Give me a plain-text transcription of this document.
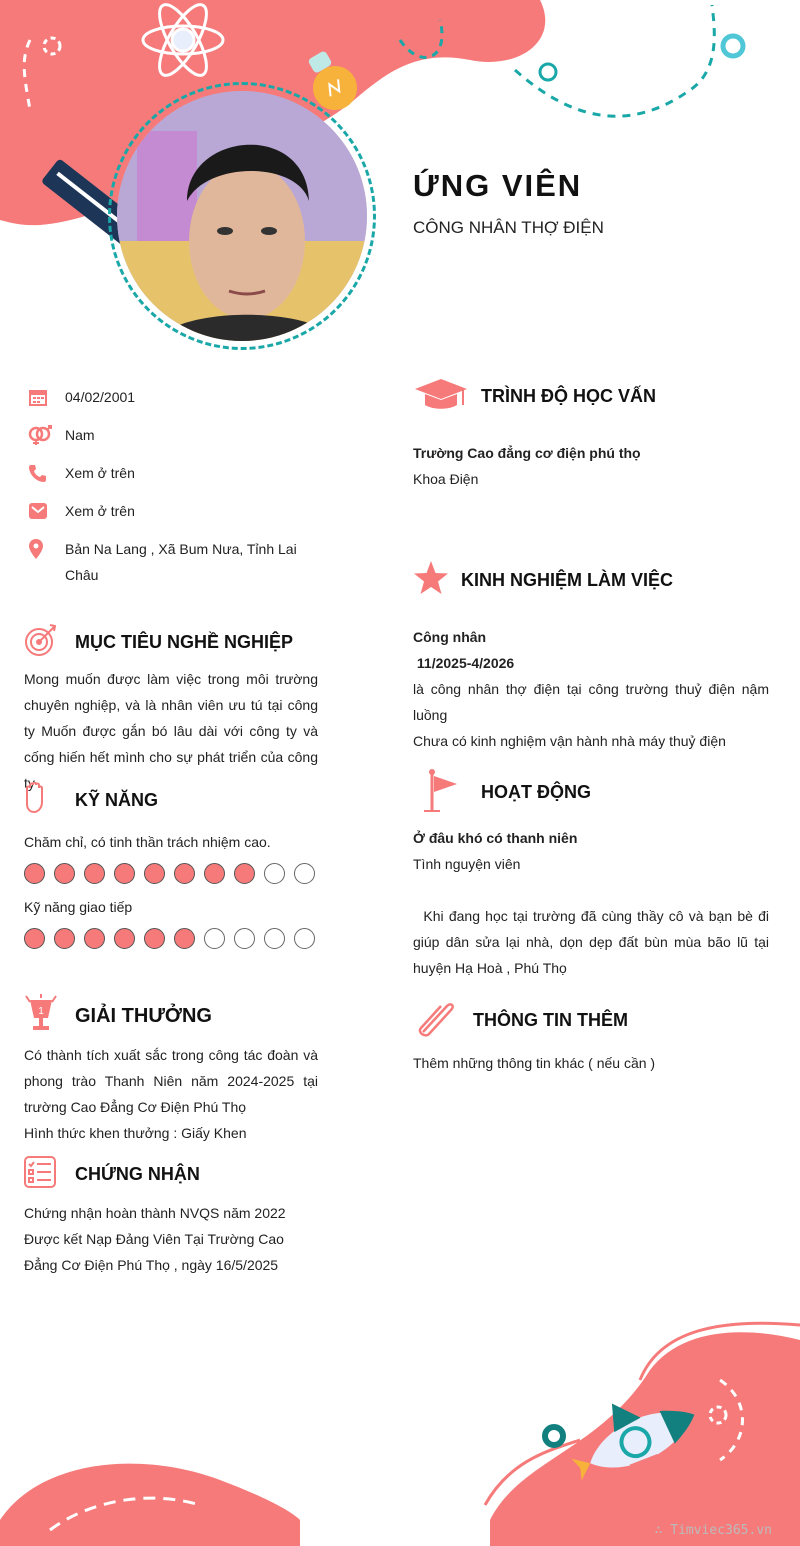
ỨNG VIÊN
CÔNG NHÂN THỢ ĐIỆN
04/02/2001
Nam
Xem ở trên
Xem ở trên
Bản Na Lang , Xã Bum Nưa, Tỉnh Lai Châu
MỤC TIÊU NGHỀ NGHIỆP
Mong muốn được làm việc trong môi trường chuyên nghiệp, và là nhân viên ưu tú tại công ty Muốn được gắn bó lâu dài với công ty và cống hiến hết mình cho sự phát triển của công ty
KỸ NĂNG
Chăm chỉ, có tinh thần trách nhiệm cao.
Kỹ năng giao tiếp
1 GIẢI THƯỞNG
Có thành tích xuất sắc trong công tác đoàn và phong trào Thanh Niên năm 2024-2025 tại trường Cao Đẳng Cơ Điện Phú Thọ
Hình thức khen thưởng : Giấy Khen
CHỨNG NHẬN
Chứng nhận hoàn thành NVQS năm 2022
Được kết Nạp Đảng Viên Tại Trường Cao Đẳng Cơ Điện Phú Thọ , ngày 16/5/2025
TRÌNH ĐỘ HỌC VẤN
Trường Cao đẳng cơ điện phú thọ
Khoa Điện
KINH NGHIỆM LÀM VIỆC
Công nhân
11/2025-4/2026
là công nhân thợ điện tại công trường thuỷ điện nậm luồng
Chưa có kinh nghiệm vận hành nhà máy thuỷ điện
HOẠT ĐỘNG
Ở đâu khó có thanh niên
Tình nguyện viên
Khi đang học tại trường đã cùng thầy cô và bạn bè đi giúp dân sửa lại nhà, dọn dẹp đất bùn mùa bão lũ tại huyện Hạ Hoà , Phú Thọ
THÔNG TIN THÊM
Thêm những thông tin khác ( nếu cần )
∴ Timviec365.vn
